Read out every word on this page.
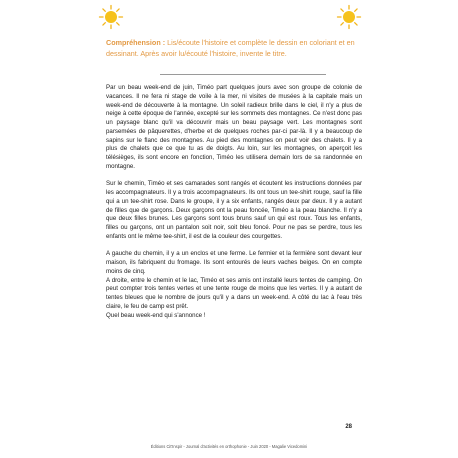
Compréhension : Lis/écoute l'histoire et complète le dessin en coloriant et en dessinant. Après avoir lu/écouté l'histoire, invente le titre.

Par un beau week-end de juin, Timéo part quelques jours avec son groupe de colonie de vacances. Il ne fera ni stage de voile à la mer, ni visites de musées à la capitale mais un week-end de découverte à la montagne. Un soleil radieux brille dans le ciel, il n'y a plus de neige à cette époque de l'année, excepté sur les sommets des montagnes. Ce n'est donc pas un paysage blanc qu'il va découvrir mais un beau paysage vert. Les montagnes sont parsemées de pâquerettes, d'herbe et de quelques roches par-ci par-là. Il y a beaucoup de sapins sur le flanc des montagnes. Au pied des montagnes on peut voir des chalets. Il y a plus de chalets que ce que tu as de doigts. Au loin, sur les montagnes, on aperçoit les télésièges, ils sont encore en fonction, Timéo les utilisera demain lors de sa randonnée en montagne.

Sur le chemin, Timéo et ses camarades sont rangés et écoutent les instructions données par les accompagnateurs. Il y a trois accompagnateurs. Ils ont tous un tee-shirt rouge, sauf la fille qui a un tee-shirt rose. Dans le groupe, il y a six enfants, rangés deux par deux. Il y a autant de filles que de garçons. Deux garçons ont la peau foncée, Timéo a la peau blanche. Il n'y a que deux filles brunes. Les garçons sont tous bruns sauf un qui est roux. Tous les enfants, filles ou garçons, ont un pantalon soit noir, soit bleu foncé. Pour ne pas se perdre, tous les enfants ont le même tee-shirt, il est de la couleur des courgettes.

A gauche du chemin, il y a un enclos et une ferme. Le fermier et la fermière sont devant leur maison, ils fabriquent du fromage. Ils sont entourés de leurs vaches beiges. On en compte moins de cinq.

A droite, entre le chemin et le lac, Timéo et ses amis ont installé leurs tentes de camping. On peut compter trois tentes vertes et une tente rouge de moins que les vertes. Il y a autant de tentes bleues que le nombre de jours qu'il y a dans un week-end. A côté du lac à l'eau très claire, le feu de camp est prêt.

Quel beau week-end qui s'annonce !

28
Éditions Cit'Inspir - Journal d'activités en orthophonie - Juin 2020 - Magalie Vicedomini
